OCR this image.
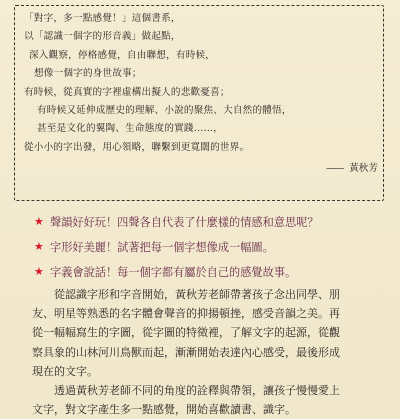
「對字，多一點感覺！」這個書系，
以「認識一個字的形音義」做起點，
深入觀察，停格感覺，自由聯想，有時候，
想像一個字的身世故事；
有時候，從真實的字裡虛構出擬人的悲歡憂喜；
有時候又延伸成歷史的理解、小說的聚焦、大自然的體悟，
甚至是文化的翼陶、生命態度的實踐……，
從小小的字出發，用心領略，聯繫到更寬闊的世界。
—— 黃秋芳
★ 聲韻好好玩！四聲各自代表了什麼樣的情感和意思呢？
★ 字形好美麗！試著把每一個字想像成一幅圖。
★ 字義會說話！每一個字都有屬於自己的感覺故事。
　　從認識字形和字音開始，黃秋芳老師帶著孩子念出同學、朋
友、明星等熟悉的名字體會聲音的抑揚頓挫，感受音韻之美。再
從一幅幅寫生的字圖，從字圖的特徵裡，了解文字的起源，從觀
察具象的山林河川鳥獸而起，漸漸開始表達內心感受，最後形成
現在的文字。
　　透過黃秋芳老師不同的角度的詮釋與帶領，讓孩子慢慢愛上
文字，對文字產生多一點感覺，開始喜歡讀書、識字。
